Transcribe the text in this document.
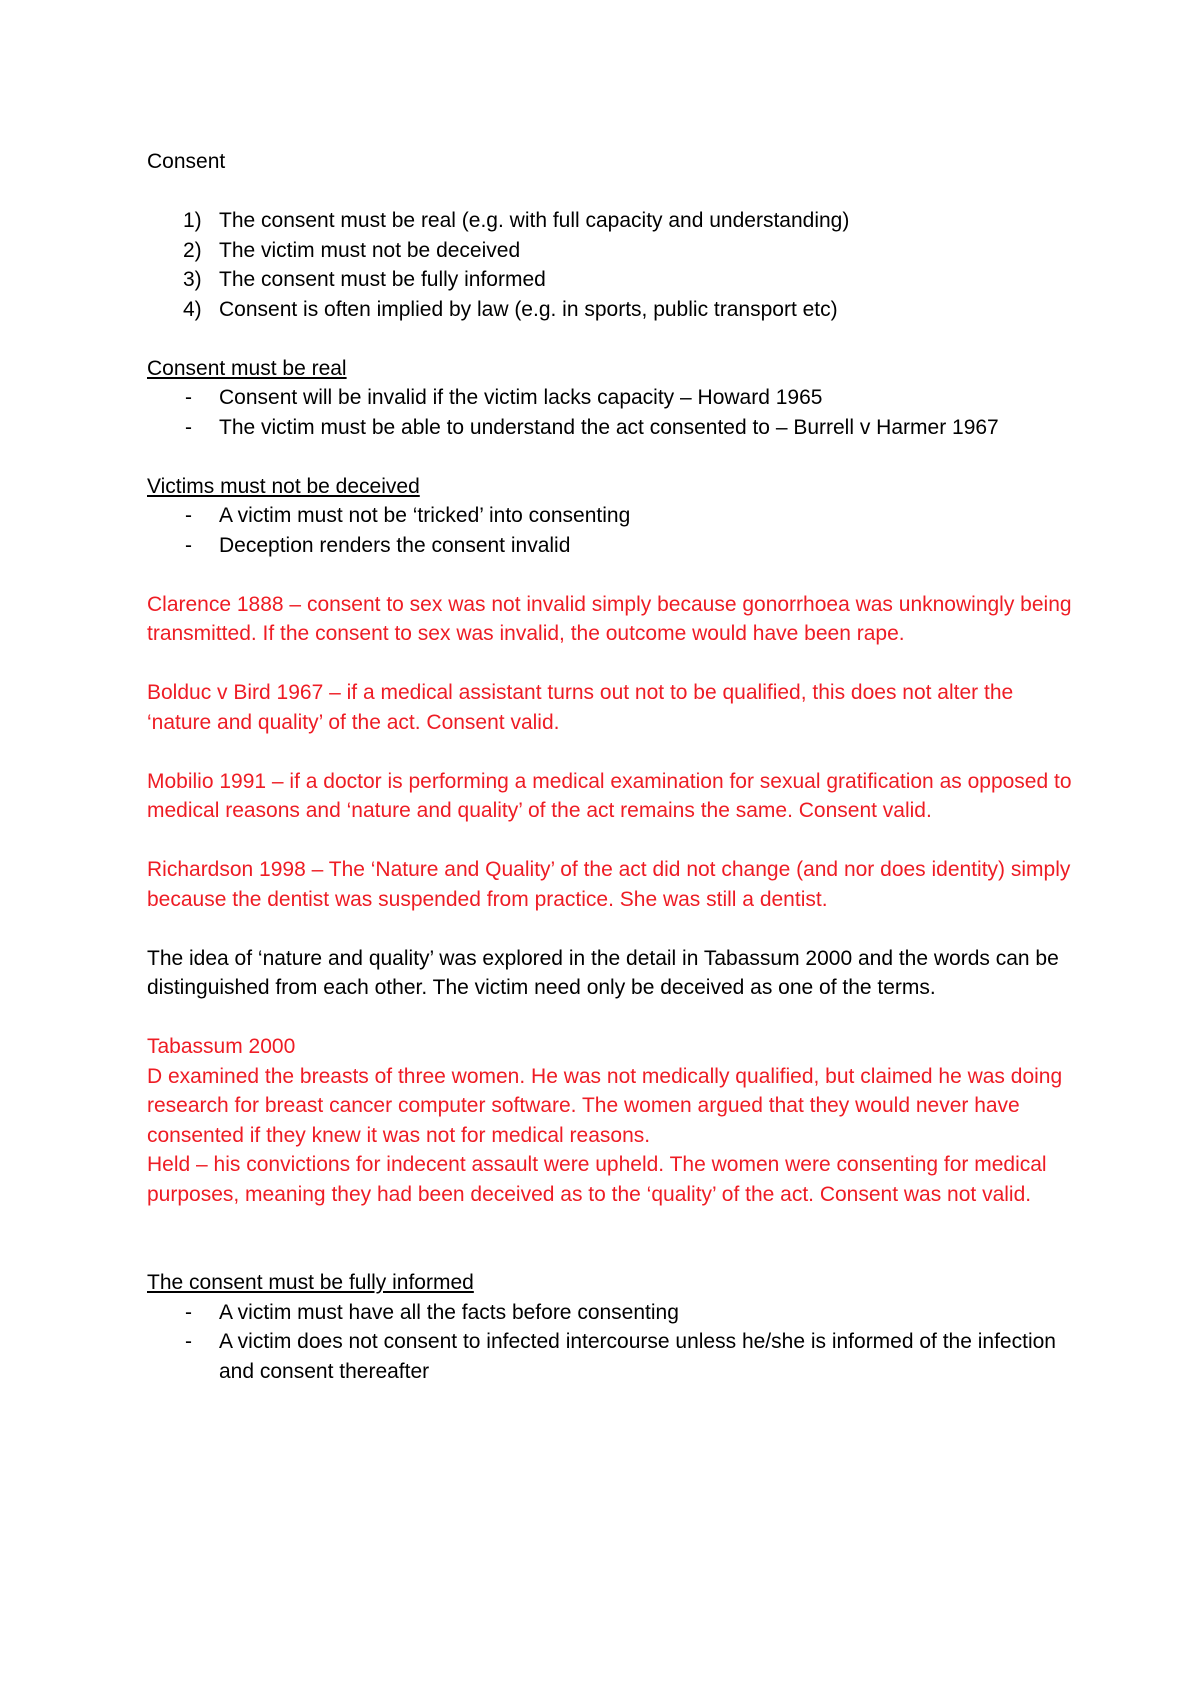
Consent

1) The consent must be real (e.g. with full capacity and understanding)
2) The victim must not be deceived
3) The consent must be fully informed
4) Consent is often implied by law (e.g. in sports, public transport etc)

Consent must be real

- Consent will be invalid if the victim lacks capacity – Howard 1965
- The victim must be able to understand the act consented to – Burrell v Harmer 1967

Victims must not be deceived

- A victim must not be ‘tricked’ into consenting
- Deception renders the consent invalid

Clarence 1888 – consent to sex was not invalid simply because gonorrhoea was unknowingly being transmitted. If the consent to sex was invalid, the outcome would have been rape.

Bolduc v Bird 1967 – if a medical assistant turns out not to be qualified, this does not alter the ‘nature and quality’ of the act. Consent valid.

Mobilio 1991 – if a doctor is performing a medical examination for sexual gratification as opposed to medical reasons and ‘nature and quality’ of the act remains the same. Consent valid.

Richardson 1998 – The ‘Nature and Quality’ of the act did not change (and nor does identity) simply because the dentist was suspended from practice. She was still a dentist.

The idea of ‘nature and quality’ was explored in the detail in Tabassum 2000 and the words can be distinguished from each other. The victim need only be deceived as one of the terms.

Tabassum 2000

D examined the breasts of three women. He was not medically qualified, but claimed he was doing research for breast cancer computer software. The women argued that they would never have consented if they knew it was not for medical reasons.

Held – his convictions for indecent assault were upheld. The women were consenting for medical purposes, meaning they had been deceived as to the ‘quality’ of the act. Consent was not valid.

The consent must be fully informed

- A victim must have all the facts before consenting
- A victim does not consent to infected intercourse unless he/she is informed of the infection and consent thereafter
